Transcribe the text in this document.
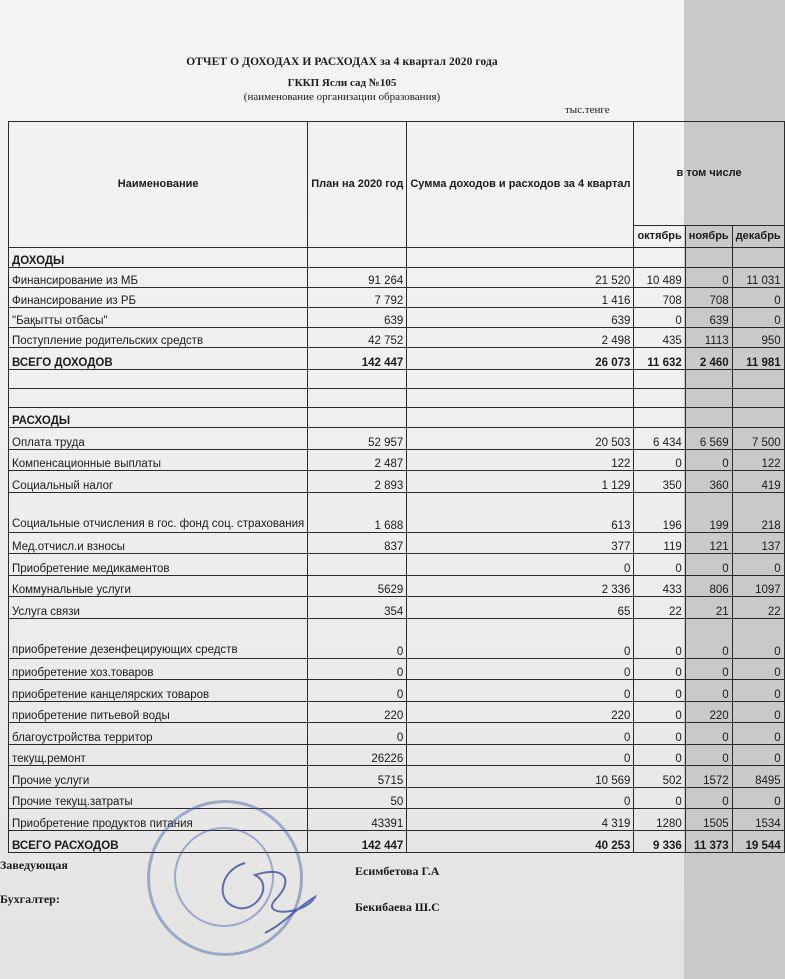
ОТЧЕТ О ДОХОДАХ И РАСХОДАХ за 4 квартал 2020 года
ГККП Ясли сад №105
(наименование организации образования)
тыс.тенге
Наименование	План на 2020 год	Сумма доходов и расходов за 4 квартал	в том числе		
			октябрь	ноябрь	декабрь
ДОХОДЫ					
Финансирование из МБ	91 264	21 520	10 489	0	11 031
Финансирование из РБ	7 792	1 416	708	708	0
"Бақытты отбасы"	639	639	0	639	0
Поступление родительских средств	42 752	2 498	435	1113	950
ВСЕГО ДОХОДОВ	142 447	26 073	11 632	2 460	11 981

РАСХОДЫ					
Оплата труда	52 957	20 503	6 434	6 569	7 500
Компенсационные выплаты	2 487	122	0	0	122
Социальный налог	2 893	1 129	350	360	419
Социальные отчисления в гос. фонд соц. страхования	1 688	613	196	199	218
Мед.отчисл.и взносы	837	377	119	121	137
Приобретение медикаментов		0	0	0	0
Коммунальные услуги	5629	2 336	433	806	1097
Услуга связи	354	65	22	21	22
приобретение дезенфецирующих средств	0	0	0	0	0
приобретение хоз.товаров	0	0	0	0	0
приобретение канцелярских товаров	0	0	0	0	0
приобретение питьевой воды	220	220	0	220	0
благоустройства территор	0	0	0	0	0
текущ.ремонт	26226	0	0	0	0
Прочие услуги	5715	10 569	502	1572	8495
Прочие текущ.затраты	50	0	0	0	0
Приобретение продуктов питания	43391	4 319	1280	1505	1534
ВСЕГО РАСХОДОВ	142 447	40 253	9 336	11 373	19 544
Заведующая	Есимбетова Г.А
Бухгалтер:
Бекибаева Ш.С
